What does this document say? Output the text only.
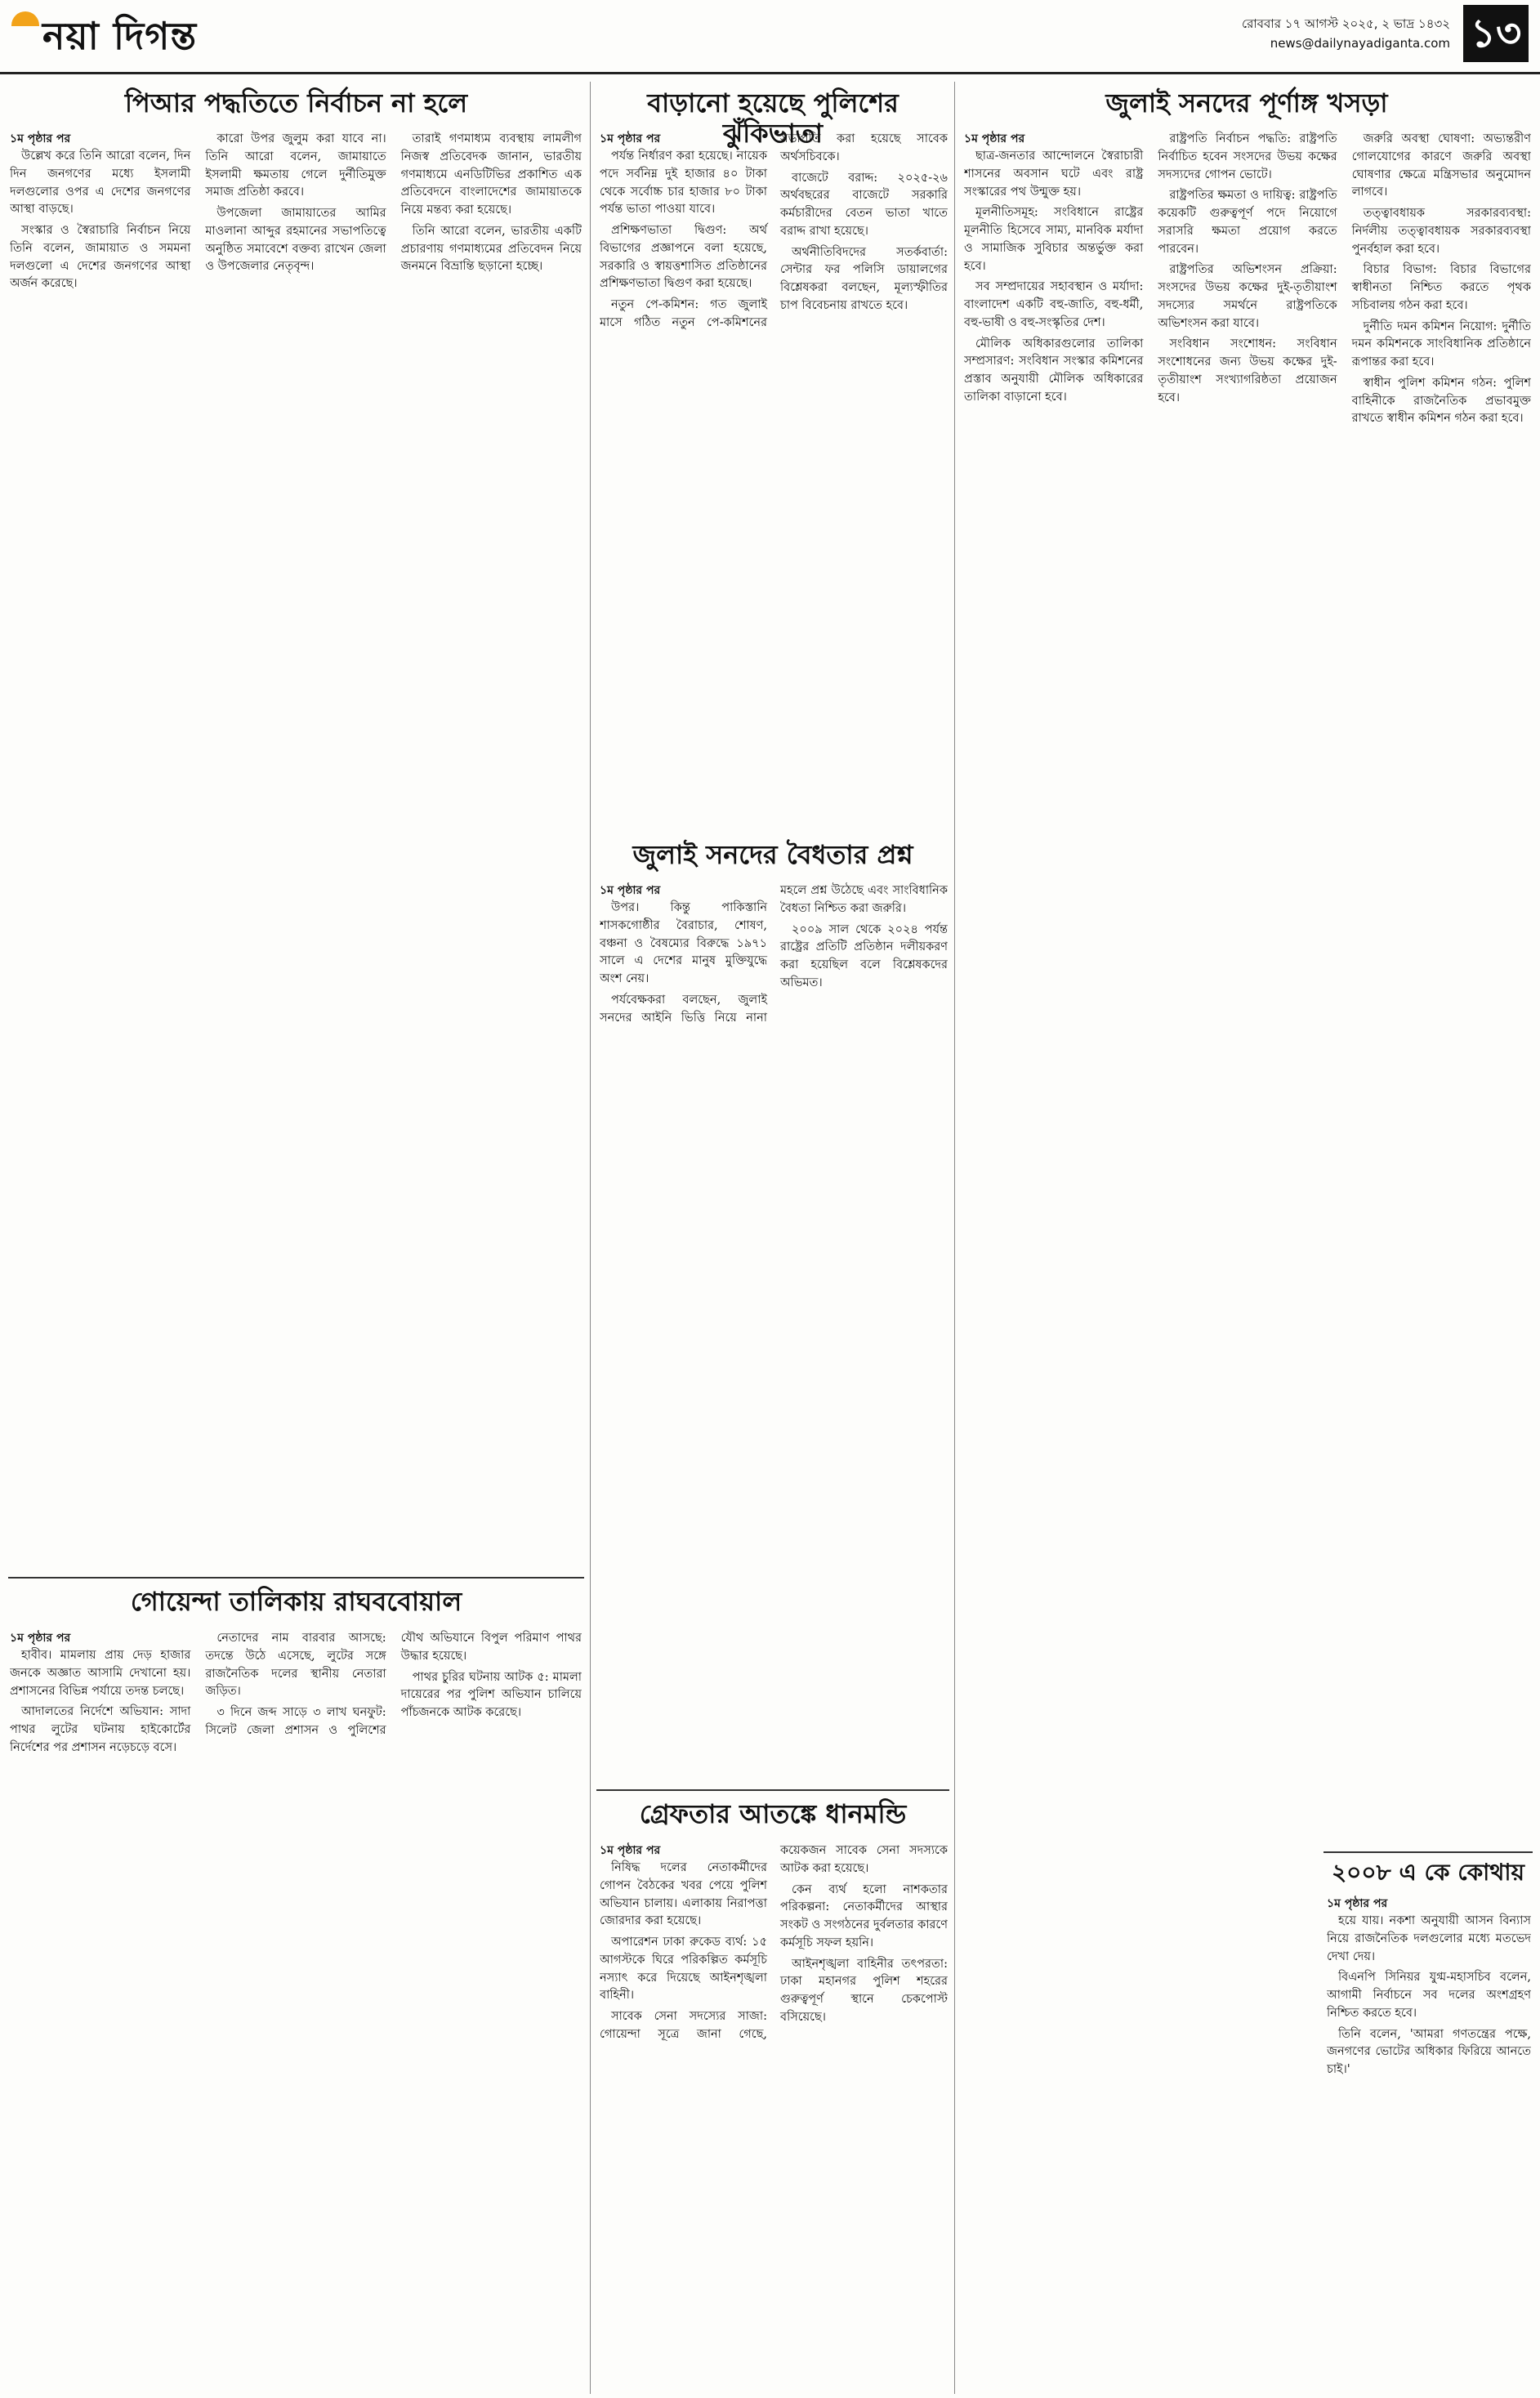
নয়া দিগন্ত	রোববার ১৭ আগস্ট ২০২৫, ২ ভাদ্র ১৪৩২
news@dailynayadiganta.com ১৩
পিআর পদ্ধতিতে নির্বাচন না হলে
১ম পৃষ্ঠার পর

উল্লেখ করে তিনি আরো বলেন, দিন দিন জনগণের মধ্যে ইসলামী দলগুলোর ওপর এ দেশের জনগণের আস্থা বাড়ছে।

সংস্কার ও স্বৈরাচারি নির্বাচন নিয়ে তিনি বলেন, জামায়াত ও সমমনা দলগুলো এ দেশের জনগণের আস্থা অর্জন করেছে।

কারো উপর জুলুম করা যাবে না। তিনি আরো বলেন, জামায়াতে ইসলামী ক্ষমতায় গেলে দুর্নীতিমুক্ত সমাজ প্রতিষ্ঠা করবে।

উপজেলা জামায়াতের আমির মাওলানা আব্দুর রহমানের সভাপতিত্বে অনুষ্ঠিত সমাবেশে বক্তব্য রাখেন জেলা ও উপজেলার নেতৃবৃন্দ।

তারাই গণমাধ্যম ব্যবস্থায় লামলীগ নিজস্ব প্রতিবেদক জানান, ভারতীয় গণমাধ্যমে এনডিটিভির প্রকাশিত এক প্রতিবেদনে বাংলাদেশের জামায়াতকে নিয়ে মন্তব্য করা হয়েছে।

তিনি আরো বলেন, ভারতীয় একটি প্রচারণায় গণমাধ্যমের প্রতিবেদন নিয়ে জনমনে বিভ্রান্তি ছড়ানো হচ্ছে।

গোয়েন্দা তালিকায় রাঘববোয়াল
১ম পৃষ্ঠার পর

হাবীব। মামলায় প্রায় দেড় হাজার জনকে অজ্ঞাত আসামি দেখানো হয়। প্রশাসনের বিভিন্ন পর্যায়ে তদন্ত চলছে।

আদালতের নির্দেশে অভিযান: সাদা পাথর লুটের ঘটনায় হাইকোর্টের নির্দেশের পর প্রশাসন নড়েচড়ে বসে।

নেতাদের নাম বারবার আসছে: তদন্তে উঠে এসেছে, লুটের সঙ্গে রাজনৈতিক দলের স্থানীয় নেতারা জড়িত।

৩ দিনে জব্দ সাড়ে ৩ লাখ ঘনফুট: সিলেট জেলা প্রশাসন ও পুলিশের যৌথ অভিযানে বিপুল পরিমাণ পাথর উদ্ধার হয়েছে।

পাথর চুরির ঘটনায় আটক ৫: মামলা দায়েরের পর পুলিশ অভিযান চালিয়ে পাঁচজনকে আটক করেছে।

বাড়ানো হয়েছে পুলিশের ঝুঁকিভাতা
১ম পৃষ্ঠার পর

পর্যন্ত নির্ধারণ করা হয়েছে। নায়েক পদে সর্বনিম্ন দুই হাজার ৪০ টাকা থেকে সর্বোচ্চ চার হাজার ৮০ টাকা পর্যন্ত ভাতা পাওয়া যাবে।

প্রশিক্ষণভাতা দ্বিগুণ: অর্থ বিভাগের প্রজ্ঞাপনে বলা হয়েছে, সরকারি ও স্বায়ত্তশাসিত প্রতিষ্ঠানের প্রশিক্ষণভাতা দ্বিগুণ করা হয়েছে।

নতুন পে-কমিশন: গত জুলাই মাসে গঠিত নতুন পে-কমিশনের সভাপতি করা হয়েছে সাবেক অর্থসচিবকে।

বাজেটে বরাদ্দ: ২০২৫-২৬ অর্থবছরের বাজেটে সরকারি কর্মচারীদের বেতন ভাতা খাতে বরাদ্দ রাখা হয়েছে।

অর্থনীতিবিদদের সতর্কবার্তা: সেন্টার ফর পলিসি ডায়ালগের বিশ্লেষকরা বলছেন, মূল্যস্ফীতির চাপ বিবেচনায় রাখতে হবে।

জুলাই সনদের বৈধতার প্রশ্ন
১ম পৃষ্ঠার পর

উপর। কিন্তু পাকিস্তানি শাসকগোষ্ঠীর বৈরাচার, শোষণ, বঞ্চনা ও বৈষম্যের বিরুদ্ধে ১৯৭১ সালে এ দেশের মানুষ মুক্তিযুদ্ধে অংশ নেয়।

পর্যবেক্ষকরা বলছেন, জুলাই সনদের আইনি ভিত্তি নিয়ে নানা মহলে প্রশ্ন উঠেছে এবং সাংবিধানিক বৈধতা নিশ্চিত করা জরুরি।

২০০৯ সাল থেকে ২০২৪ পর্যন্ত রাষ্ট্রের প্রতিটি প্রতিষ্ঠান দলীয়করণ করা হয়েছিল বলে বিশ্লেষকদের অভিমত।

গ্রেফতার আতঙ্কে ধানমন্ডি
১ম পৃষ্ঠার পর

নিষিদ্ধ দলের নেতাকর্মীদের গোপন বৈঠকের খবর পেয়ে পুলিশ অভিযান চালায়। এলাকায় নিরাপত্তা জোরদার করা হয়েছে।

অপারেশন ঢাকা রুকেড ব্যর্থ: ১৫ আগস্টকে ঘিরে পরিকল্পিত কর্মসূচি নস্যাৎ করে দিয়েছে আইনশৃঙ্খলা বাহিনী।

সাবেক সেনা সদস্যের সাজা: গোয়েন্দা সূত্রে জানা গেছে, কয়েকজন সাবেক সেনা সদস্যকে আটক করা হয়েছে।

কেন ব্যর্থ হলো নাশকতার পরিকল্পনা: নেতাকর্মীদের আস্থার সংকট ও সংগঠনের দুর্বলতার কারণে কর্মসূচি সফল হয়নি।

আইনশৃঙ্খলা বাহিনীর তৎপরতা: ঢাকা মহানগর পুলিশ শহরের গুরুত্বপূর্ণ স্থানে চেকপোস্ট বসিয়েছে।

জুলাই সনদের পূর্ণাঙ্গ খসড়া
১ম পৃষ্ঠার পর

ছাত্র-জনতার আন্দোলনে স্বৈরাচারী শাসনের অবসান ঘটে এবং রাষ্ট্র সংস্কারের পথ উন্মুক্ত হয়।

মূলনীতিসমূহ: সংবিধানে রাষ্ট্রের মূলনীতি হিসেবে সাম্য, মানবিক মর্যাদা ও সামাজিক সুবিচার অন্তর্ভুক্ত করা হবে।

সব সম্প্রদায়ের সহাবস্থান ও মর্যাদা: বাংলাদেশ একটি বহু-জাতি, বহু-ধর্মী, বহু-ভাষী ও বহু-সংস্কৃতির দেশ।

মৌলিক অধিকারগুলোর তালিকা সম্প্রসারণ: সংবিধান সংস্কার কমিশনের প্রস্তাব অনুযায়ী মৌলিক অধিকারের তালিকা বাড়ানো হবে।

রাষ্ট্রপতি নির্বাচন পদ্ধতি: রাষ্ট্রপতি নির্বাচিত হবেন সংসদের উভয় কক্ষের সদস্যদের গোপন ভোটে।

রাষ্ট্রপতির ক্ষমতা ও দায়িত্ব: রাষ্ট্রপতি কয়েকটি গুরুত্বপূর্ণ পদে নিয়োগে সরাসরি ক্ষমতা প্রয়োগ করতে পারবেন।

রাষ্ট্রপতির অভিশংসন প্রক্রিয়া: সংসদের উভয় কক্ষের দুই-তৃতীয়াংশ সদস্যের সমর্থনে রাষ্ট্রপতিকে অভিশংসন করা যাবে।

সংবিধান সংশোধন: সংবিধান সংশোধনের জন্য উভয় কক্ষের দুই-তৃতীয়াংশ সংখ্যাগরিষ্ঠতা প্রয়োজন হবে।

জরুরি অবস্থা ঘোষণা: অভ্যন্তরীণ গোলযোগের কারণে জরুরি অবস্থা ঘোষণার ক্ষেত্রে মন্ত্রিসভার অনুমোদন লাগবে।

তত্ত্বাবধায়ক সরকারব্যবস্থা: নির্দলীয় তত্ত্বাবধায়ক সরকারব্যবস্থা পুনর্বহাল করা হবে।

বিচার বিভাগ: বিচার বিভাগের স্বাধীনতা নিশ্চিত করতে পৃথক সচিবালয় গঠন করা হবে।

দুর্নীতি দমন কমিশন নিয়োগ: দুর্নীতি দমন কমিশনকে সাংবিধানিক প্রতিষ্ঠানে রূপান্তর করা হবে।

স্বাধীন পুলিশ কমিশন গঠন: পুলিশ বাহিনীকে রাজনৈতিক প্রভাবমুক্ত রাখতে স্বাধীন কমিশন গঠন করা হবে।

২০০৮ এ কে কোথায়
১ম পৃষ্ঠার পর

হয়ে যায়। নকশা অনুযায়ী আসন বিন্যাস নিয়ে রাজনৈতিক দলগুলোর মধ্যে মতভেদ দেখা দেয়।

বিএনপি সিনিয়র যুগ্ম-মহাসচিব বলেন, আগামী নির্বাচনে সব দলের অংশগ্রহণ নিশ্চিত করতে হবে।

তিনি বলেন, 'আমরা গণতন্ত্রের পক্ষে, জনগণের ভোটের অধিকার ফিরিয়ে আনতে চাই।'
